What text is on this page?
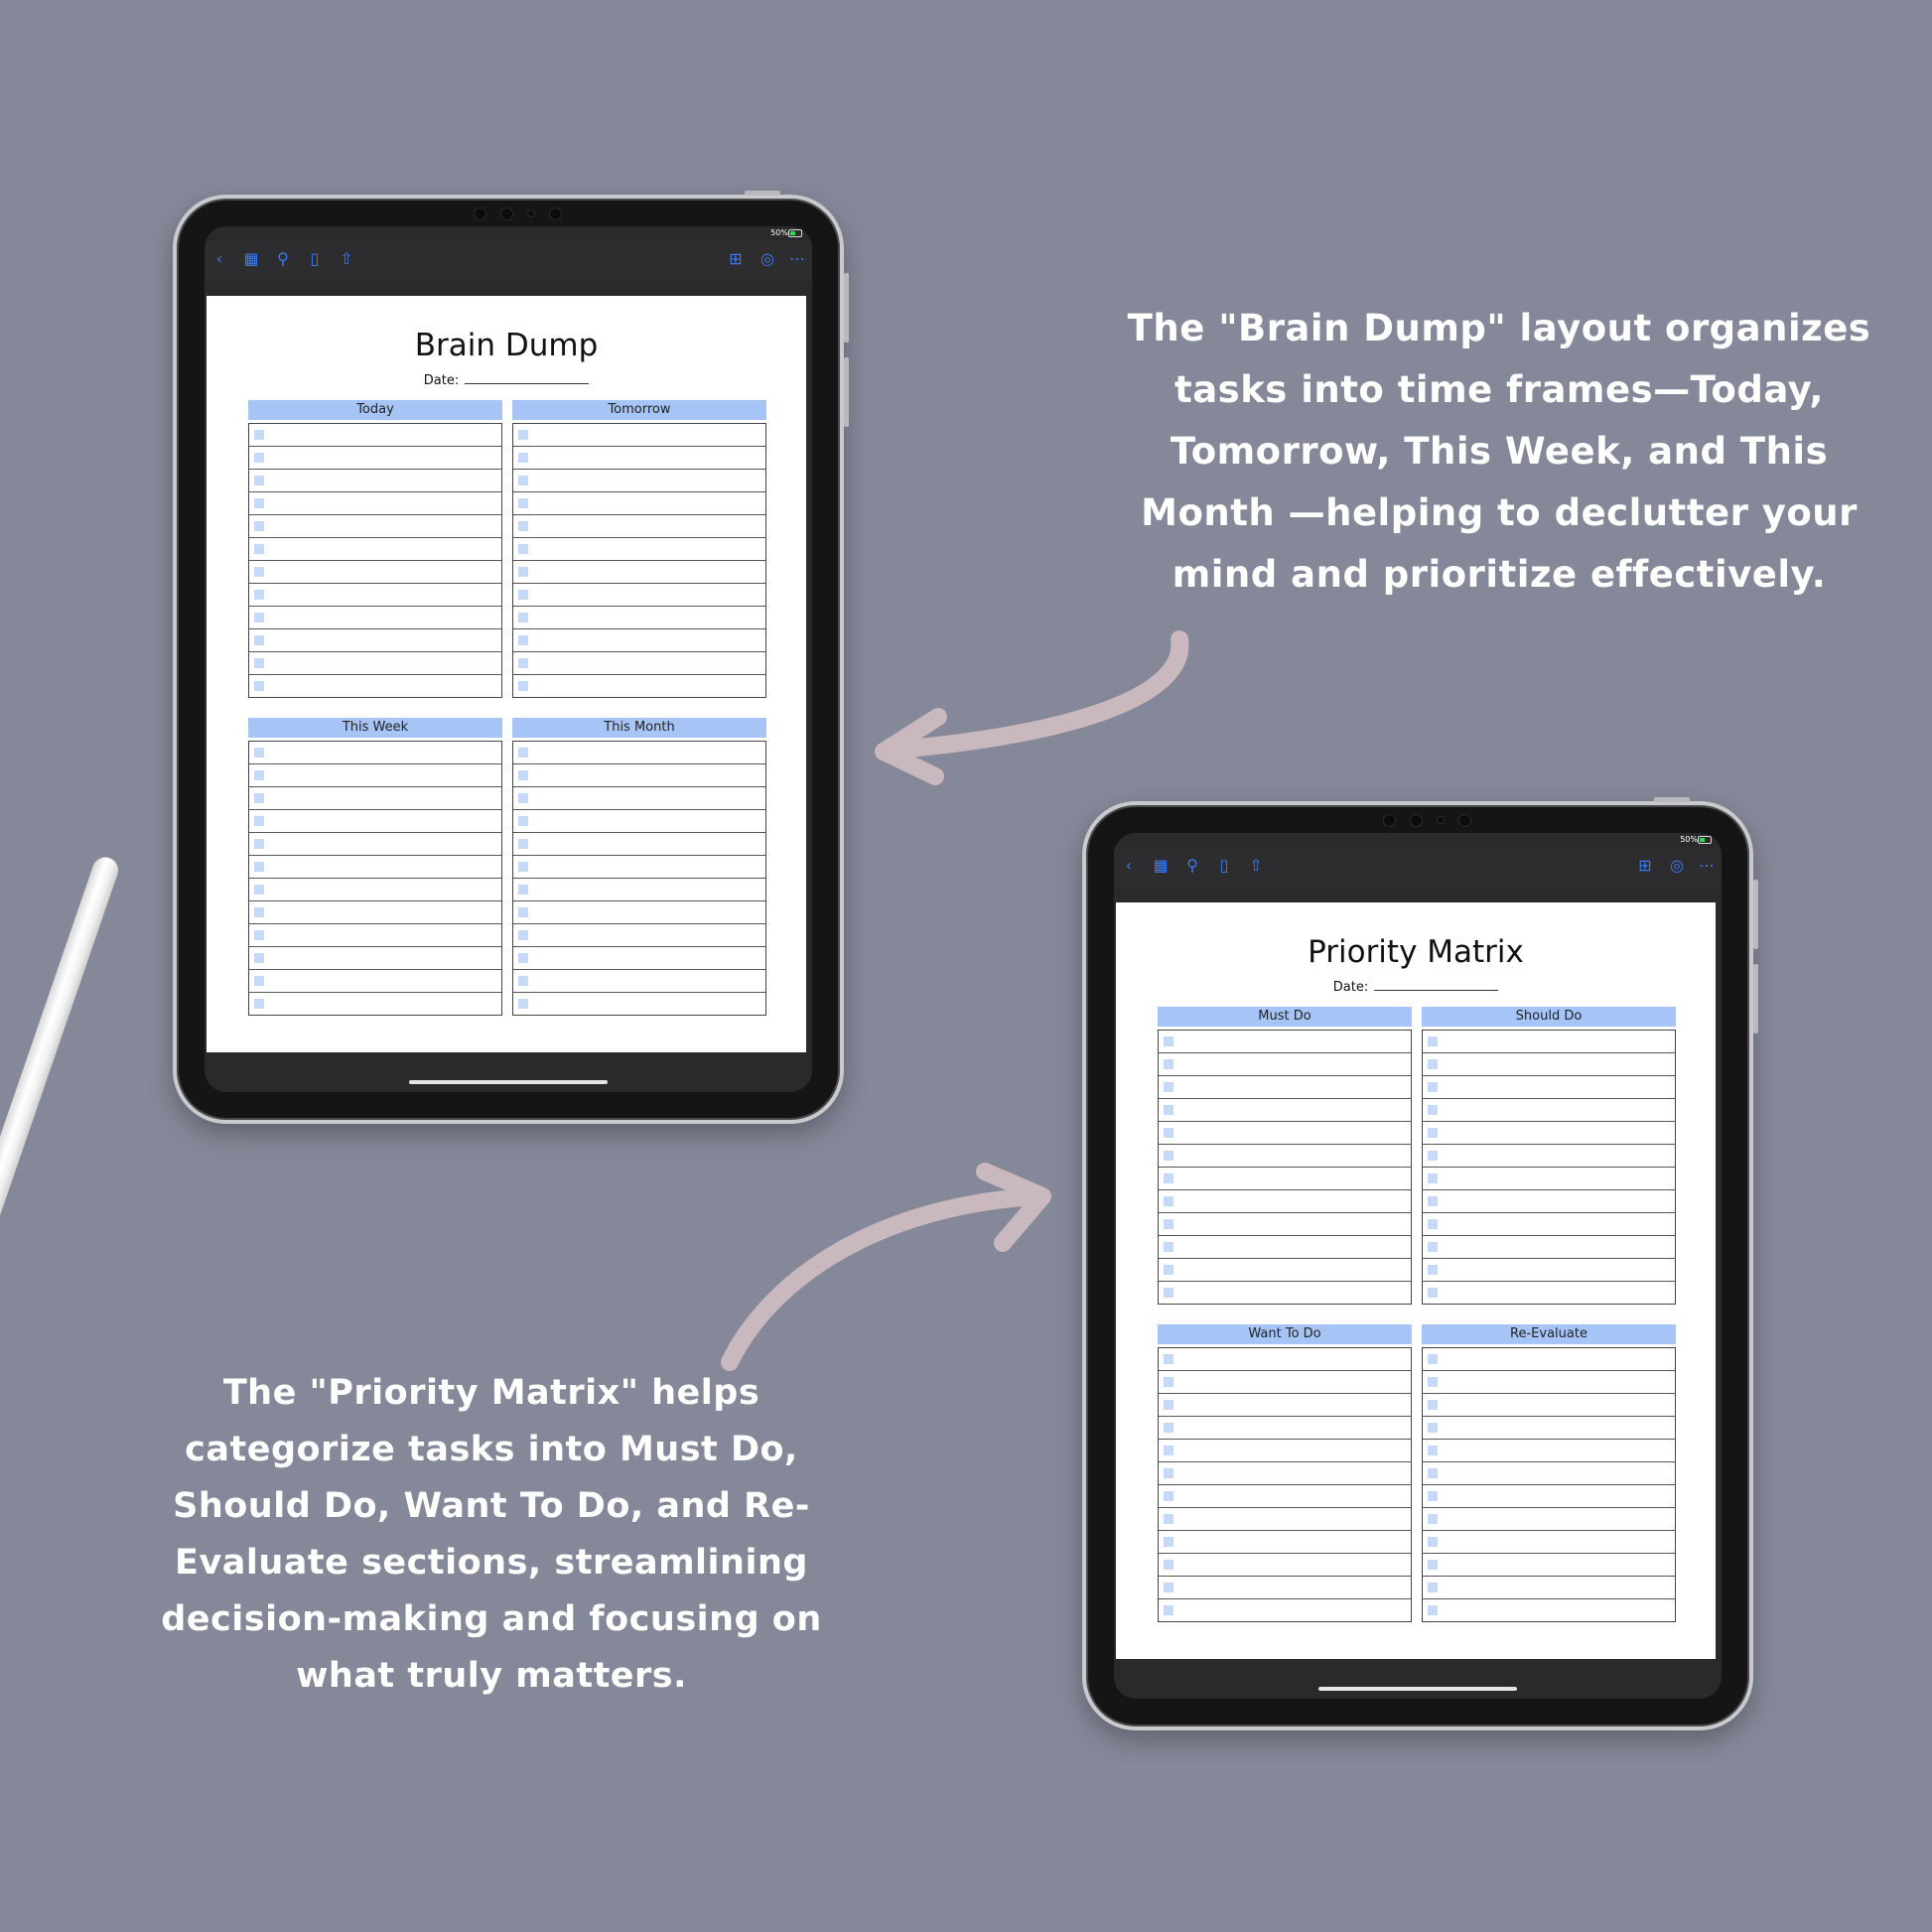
The "Brain Dump" layout organizes tasks into time frames—Today, Tomorrow, This Week, and This Month —helping to declutter your mind and prioritize effectively.
The "Priority Matrix" helps categorize tasks into Must Do, Should Do, Want To Do, and Re-Evaluate sections, streamlining decision-making and focusing on what truly matters.
50%
‹	▦	⚲	▯	⇧	⊞ ◎ ⋯
Brain Dump
Date:
Today	Tomorrow
This Week	This Month
50%
‹	▦	⚲	▯	⇧	⊞ ◎ ⋯
Priority Matrix
Date:
Must Do	Should Do
Want To Do	Re-Evaluate
